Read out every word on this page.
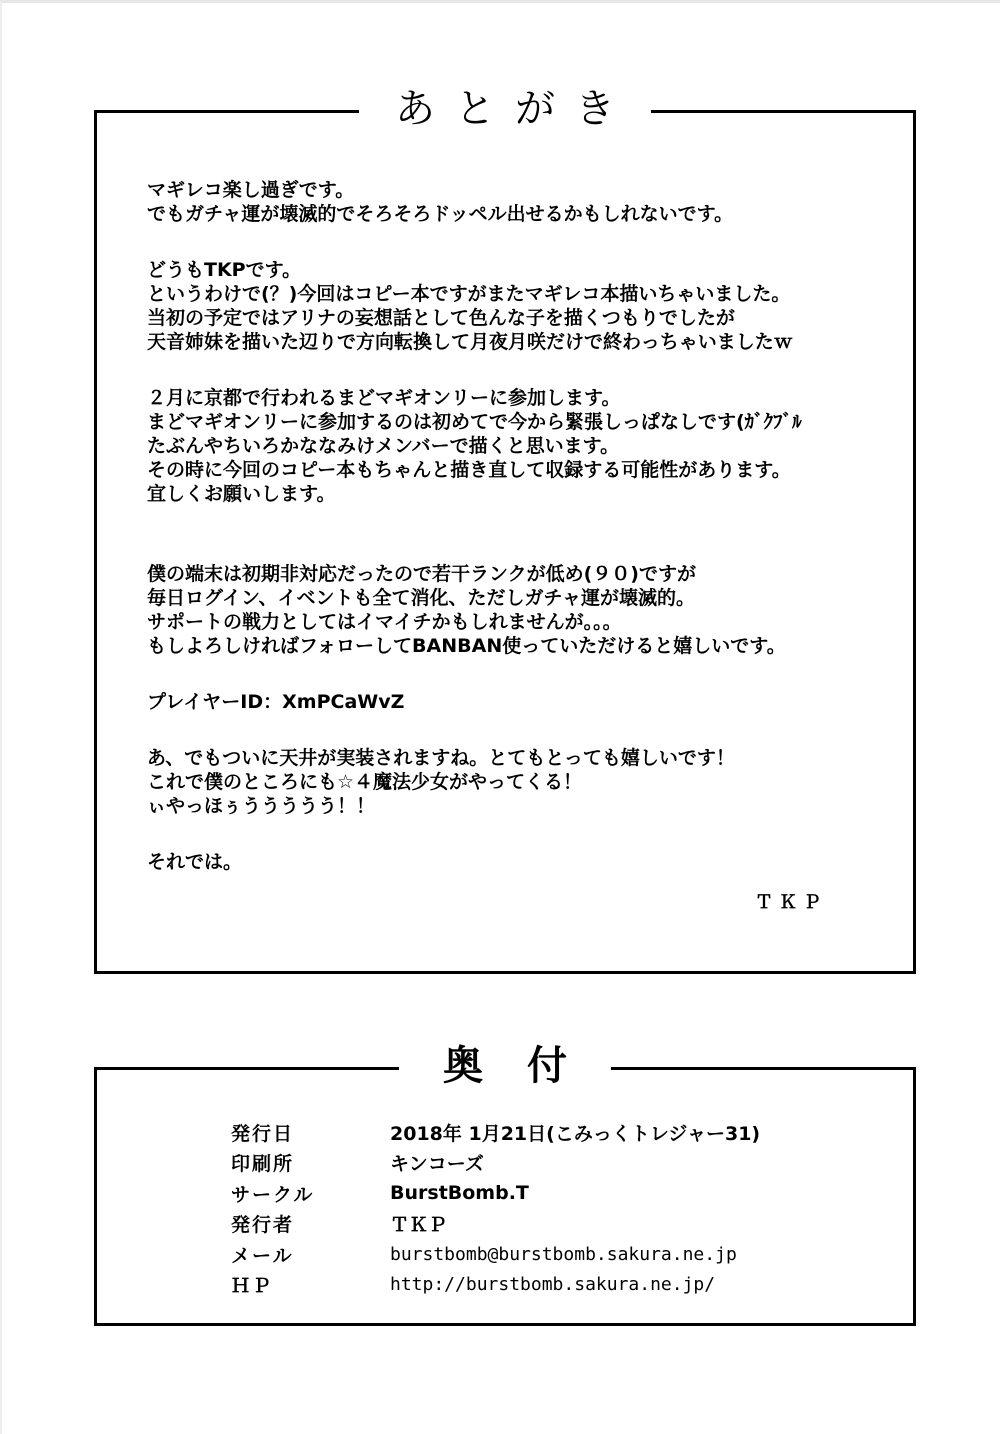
あとがき
マギレコ楽し過ぎです。
でもガチャ運が壊滅的でそろそろドッペル出せるかもしれないです。
どうもTKPです。
というわけで(？)今回はコピー本ですがまたマギレコ本描いちゃいました。
当初の予定ではアリナの妄想話として色んな子を描くつもりでしたが
天音姉妹を描いた辺りで方向転換して月夜月咲だけで終わっちゃいましたｗ
２月に京都で行われるまどマギオンリーに参加します。
まどマギオンリーに参加するのは初めてで今から緊張しっぱなしです(ｶﾞｸﾌﾞﾙ
たぶんやちいろかななみけメンバーで描くと思います。
その時に今回のコピー本もちゃんと描き直して収録する可能性があります。
宜しくお願いします。
僕の端末は初期非対応だったので若干ランクが低め(９０)ですが
毎日ログイン、イベントも全て消化、ただしガチャ運が壊滅的。
サポートの戦力としてはイマイチかもしれませんが。。。
もしよろしければフォローしてBANBAN使っていただけると嬉しいです。
プレイヤーID：XmPCaWvZ
あ、でもついに天井が実装されますね。とてもとっても嬉しいです！
これで僕のところにも☆４魔法少女がやってくる！
ぃやっほぅううううう！！
それでは。
ＴＫＰ
奥付
発行日	2018年 1月21日(こみっくトレジャー31)
印刷所	キンコーズ
サークル	BurstBomb.T
発行者	ＴＫＰ
メール	burstbomb@burstbomb.sakura.ne.jp
ＨＰ	http://burstbomb.sakura.ne.jp/
